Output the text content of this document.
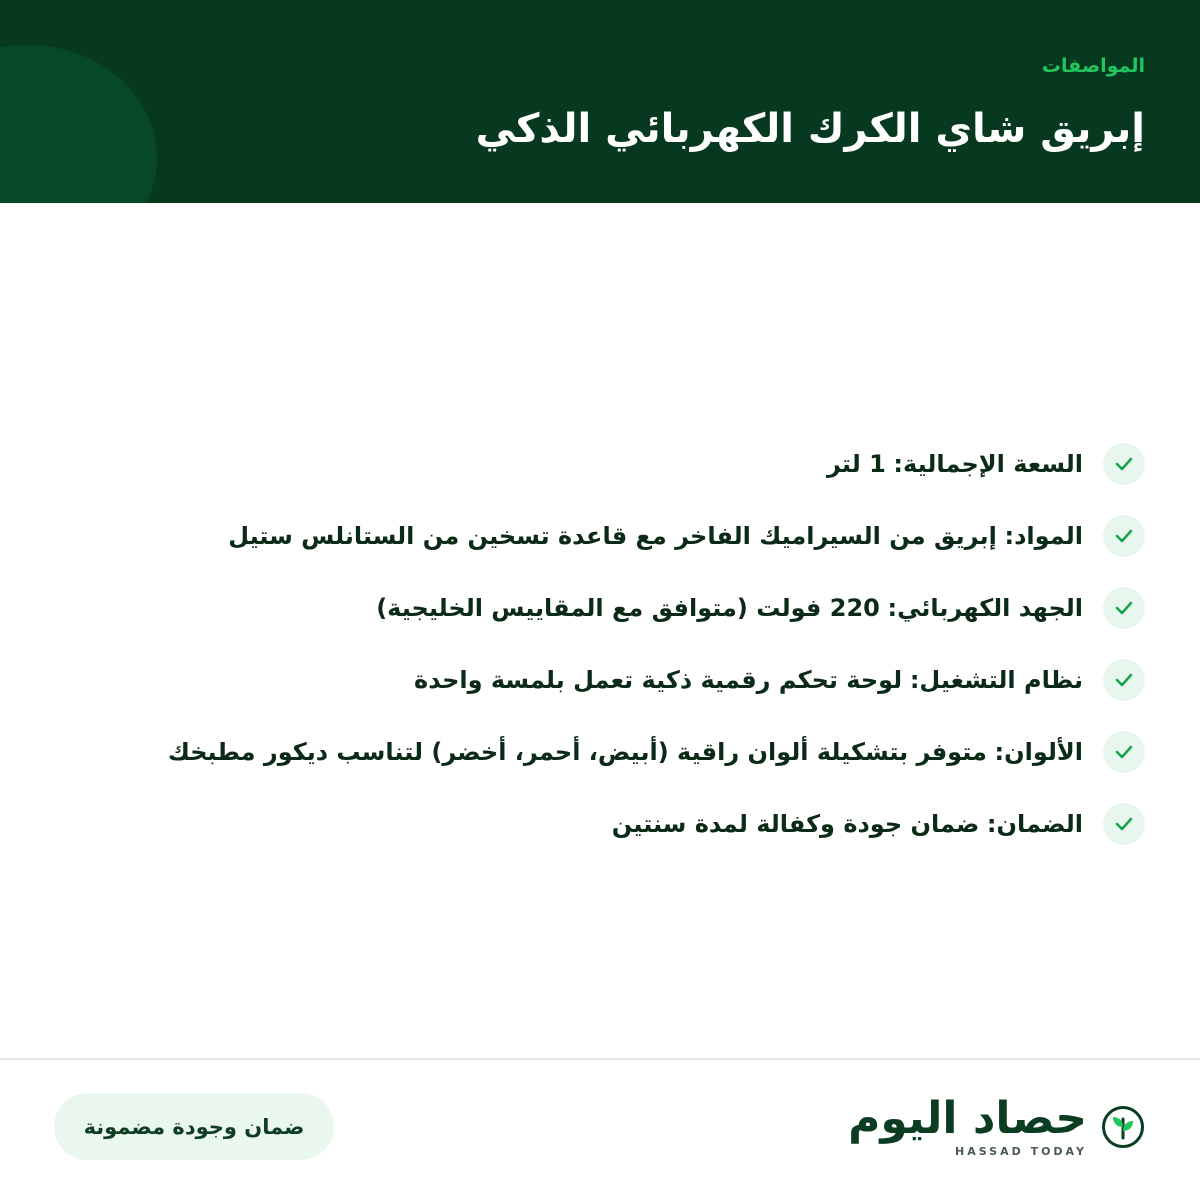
المواصفات
إبريق شاي الكرك الكهربائي الذكي
السعة الإجمالية: 1 لتر
المواد: إبريق من السيراميك الفاخر مع قاعدة تسخين من الستانلس ستيل
الجهد الكهربائي: 220 فولت (متوافق مع المقاييس الخليجية)
نظام التشغيل: لوحة تحكم رقمية ذكية تعمل بلمسة واحدة
الألوان: متوفر بتشكيلة ألوان راقية (أبيض، أحمر، أخضر) لتناسب ديكور مطبخك
الضمان: ضمان جودة وكفالة لمدة سنتين
ضمان وجودة مضمونة	حصاد اليوم
HASSAD TODAY
